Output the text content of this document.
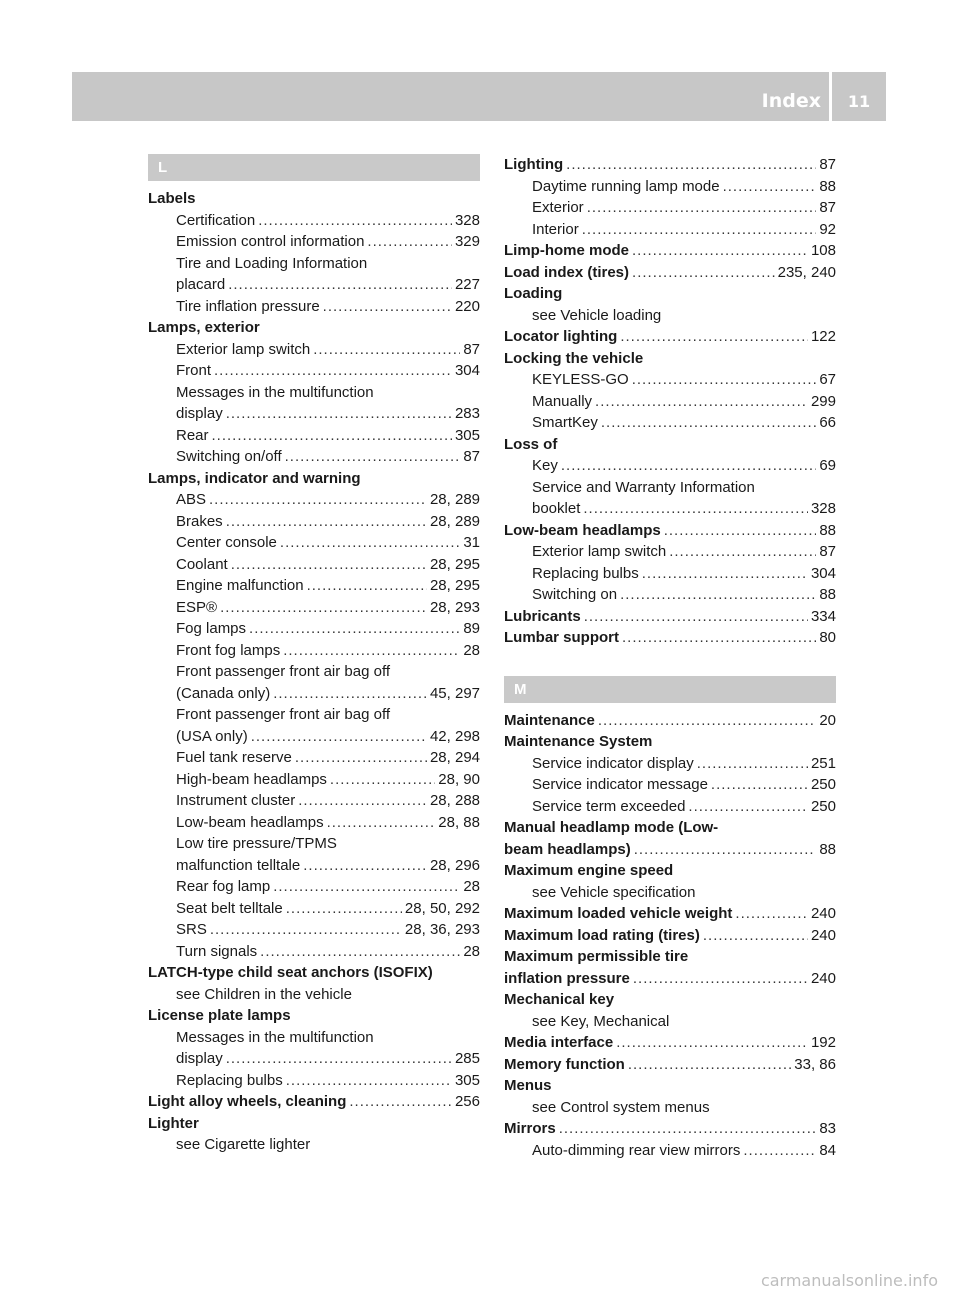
Index	11
L
Labels
Certification .....	328
Emission control information .....	329
Tire and Loading Information
placard .....	227
Tire inflation pressure .....	220
Lamps, exterior
Exterior lamp switch .....	87
Front .....	304
Messages in the multifunction
display .....	283
Rear .....	305
Switching on/off .....	87
Lamps, indicator and warning
ABS .....	28, 289
Brakes .....	28, 289
Center console .....	31
Coolant .....	28, 295
Engine malfunction .....	28, 295
ESP® .....	28, 293
Fog lamps .....	89
Front fog lamps .....	28
Front passenger front air bag off
(Canada only) .....	45, 297
Front passenger front air bag off
(USA only) .....	42, 298
Fuel tank reserve .....	28, 294
High-beam headlamps .....	28, 90
Instrument cluster .....	28, 288
Low-beam headlamps .....	28, 88
Low tire pressure/TPMS
malfunction telltale .....	28, 296
Rear fog lamp .....	28
Seat belt telltale .....	28, 50, 292
SRS .....	28, 36, 293
Turn signals .....	28
LATCH-type child seat anchors (ISOFIX)
see Children in the vehicle
License plate lamps
Messages in the multifunction
display .....	285
Replacing bulbs .....	305
Light alloy wheels, cleaning .....	256
Lighter
see Cigarette lighter
Lighting .....	87
Daytime running lamp mode .....	88
Exterior .....	87
Interior .....	92
Limp-home mode .....	108
Load index (tires) .....	235, 240
Loading
see Vehicle loading
Locator lighting .....	122
Locking the vehicle
KEYLESS-GO .....	67
Manually .....	299
SmartKey .....	66
Loss of
Key .....	69
Service and Warranty Information
booklet .....	328
Low-beam headlamps .....	88
Exterior lamp switch .....	87
Replacing bulbs .....	304
Switching on .....	88
Lubricants .....	334
Lumbar support .....	80
M
Maintenance .....	20
Maintenance System
Service indicator display .....	251
Service indicator message .....	250
Service term exceeded .....	250
Manual headlamp mode (Low-
beam headlamps) .....	88
Maximum engine speed
see Vehicle specification
Maximum loaded vehicle weight .....	240
Maximum load rating (tires) .....	240
Maximum permissible tire
inflation pressure .....	240
Mechanical key
see Key, Mechanical
Media interface .....	192
Memory function .....	33, 86
Menus
see Control system menus
Mirrors .....	83
Auto-dimming rear view mirrors .....	84
carmanualsonline.info
